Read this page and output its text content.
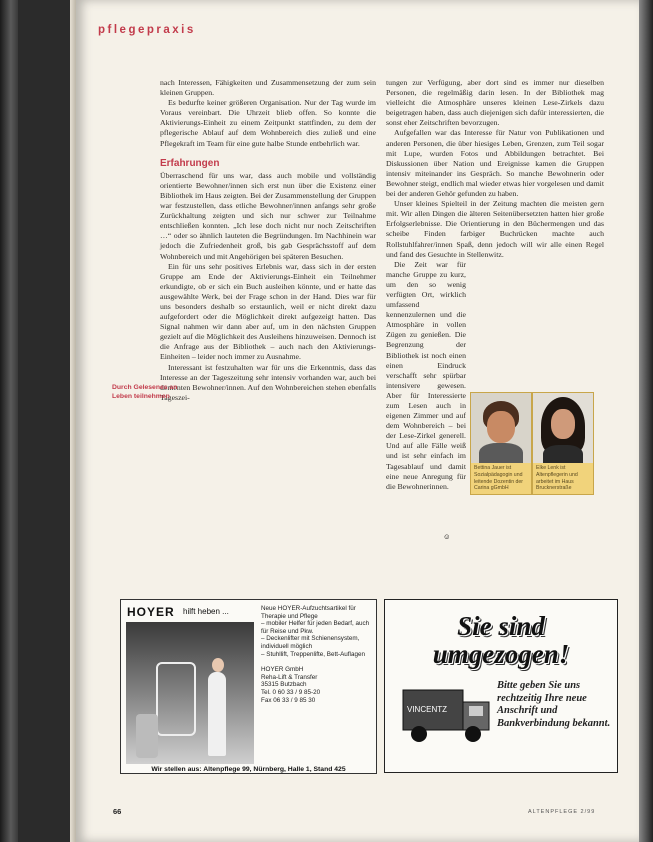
pflegepraxis

nach Interessen, Fähigkeiten und Zusammensetzung der zum sein kleinen Gruppen.

Es bedurfte keiner größeren Organisation. Nur der Tag wurde im Voraus vereinbart. Die Uhrzeit blieb offen. So konnte die Aktivierungs-Einheit zu einem Zeitpunkt stattfinden, zu dem der pflegerische Ablauf auf dem Wohnbereich dies zuließ und eine Pflegekraft im Team für eine gute halbe Stunde entbehrlich war.

Erfahrungen

Überraschend für uns war, dass auch mobile und vollständig orientierte Bewohner/innen sich erst nun über die Existenz einer Bibliothek im Haus zeigten. Bei der Zusammenstellung der Gruppen war festzustellen, dass etliche Bewohner/innen anfangs sehr große Zurückhaltung zeigten und sich nur schwer zur Teilnahme entschließen konnten. „Ich lese doch nicht nur noch Zeitschriften …“ oder so ähnlich lauteten die Begründungen. Im Nachhinein war jedoch die Zufriedenheit groß, bis gab Gesprächsstoff auf dem Wohnbereich und mit Angehörigen bei späteren Besuchen.

Ein für uns sehr positives Erlebnis war, dass sich in der ersten Gruppe am Ende der Aktivierungs-Einheit ein Teilnehmer erkundigte, ob er sich ein Buch ausleihen könnte, und er hatte das ausgewählte Werk, bei der Frage schon in der Hand. Dies war für uns besonders deshalb so erstaunlich, weil er nicht direkt dazu aufgefordert oder die Möglichkeit direkt aufgezeigt hatten. Das Signal nahmen wir dann aber auf, um in den nächsten Gruppen gezielt auf die Möglichkeit des Ausleihens hinzuweisen. Dennoch ist die Anfrage aus der Bibliothek – auch nach den Aktivierungs-Einheiten – leider noch immer zu Ausnahme.

Interessant ist festzuhalten war für uns die Erkenntnis, dass das Interesse an der Tageszeitung sehr intensiv vorhanden war, auch bei dementen Bewohner/innen. Auf den Wohnbereichen stehen ebenfalls Tageszei-

Durch Gelesenes an Leben teilnehmen

tungen zur Verfügung, aber dort sind es immer nur dieselben Personen, die regelmäßig darin lesen. In der Bibliothek mag vielleicht die Atmosphäre unseres kleinen Lese-Zirkels dazu beigetragen haben, dass auch diejenigen sich dafür interessierten, die sonst eher Zeitschriften bevorzugen.

Aufgefallen war das Interesse für Natur von Publikationen und anderen Personen, die über hiesiges Leben, Grenzen, zum Teil sogar mit Lupe, wurden Fotos und Abbildungen betrachtet. Bei Diskussionen über Nation und Ereignisse kamen die Gruppen intensiv miteinander ins Gespräch. So manche Bewohnerin oder Bewohner steigt, endlich mal wieder etwas hier vorgelesen und damit bei der anderen Gehör gefunden zu haben.

Unser kleines Spielteil in der Zeitung machten die meisten gern mit. Wir allen Dingen die älteren Seitenübersetzten hatten hier große Erfolgserlebnisse. Die Orientierung in den Büchermengen und das scheibe Finden farbiger Buchrücken machte auch Rollstuhlfahrer/innen Spaß, denn jedoch will wir alle einen Regel und fand des Gesuchte in Stellenwitz.

Die Zeit war für manche Gruppe zu kurz, um den so wenig verfügten Ort, wirklich umfassend kennenzulernen und die Atmosphäre in vollen Zügen zu genießen. Die Begrenzung der Bibliothek ist noch einen einen Eindruck verschafft sehr spürbar intensivere gewesen. Aber für Interessierte zum Lesen auch in eigenen Zimmer und auf dem Wohnbereich – bei der Lese-Zirkel generell. Und auf alle Fälle weiß und ist sehr einfach im Tagesablauf und damit eine neue Anregung für die Bewohnerinnen.

Bettina Jauer ist Sozialpädagogin und leitende Dozentin der Carina gGmbH
Elke Lenk ist Altenpflegerin und arbeitet im Haus Brucknerstraße
☺
HOYER hilft heben ...	Neue HOYER-Aufzuchtsartikel für Therapie und Pflege
– mobiler Helfer für jeden Bedarf, auch für Reise und Pkw.
– Deckenlifter mit Schienensystem, individuell möglich
– Stuhllift, Treppenlifte, Bett-Auflagen
HOYER GmbH
Reha-Lift & Transfer
35315 Butzbach
Tel. 0 60 33 / 9 85-20
Fax 06 33 / 9 85 30
Wir stellen aus: Altenpflege 99, Nürnberg, Halle 1, Stand 425
Sie sind
umgezogen!
VINCENTZ
Bitte geben Sie uns rechtzeitig Ihre neue Anschrift und Bankverbindung bekannt.
66	ALTENPFLEGE 2/99
